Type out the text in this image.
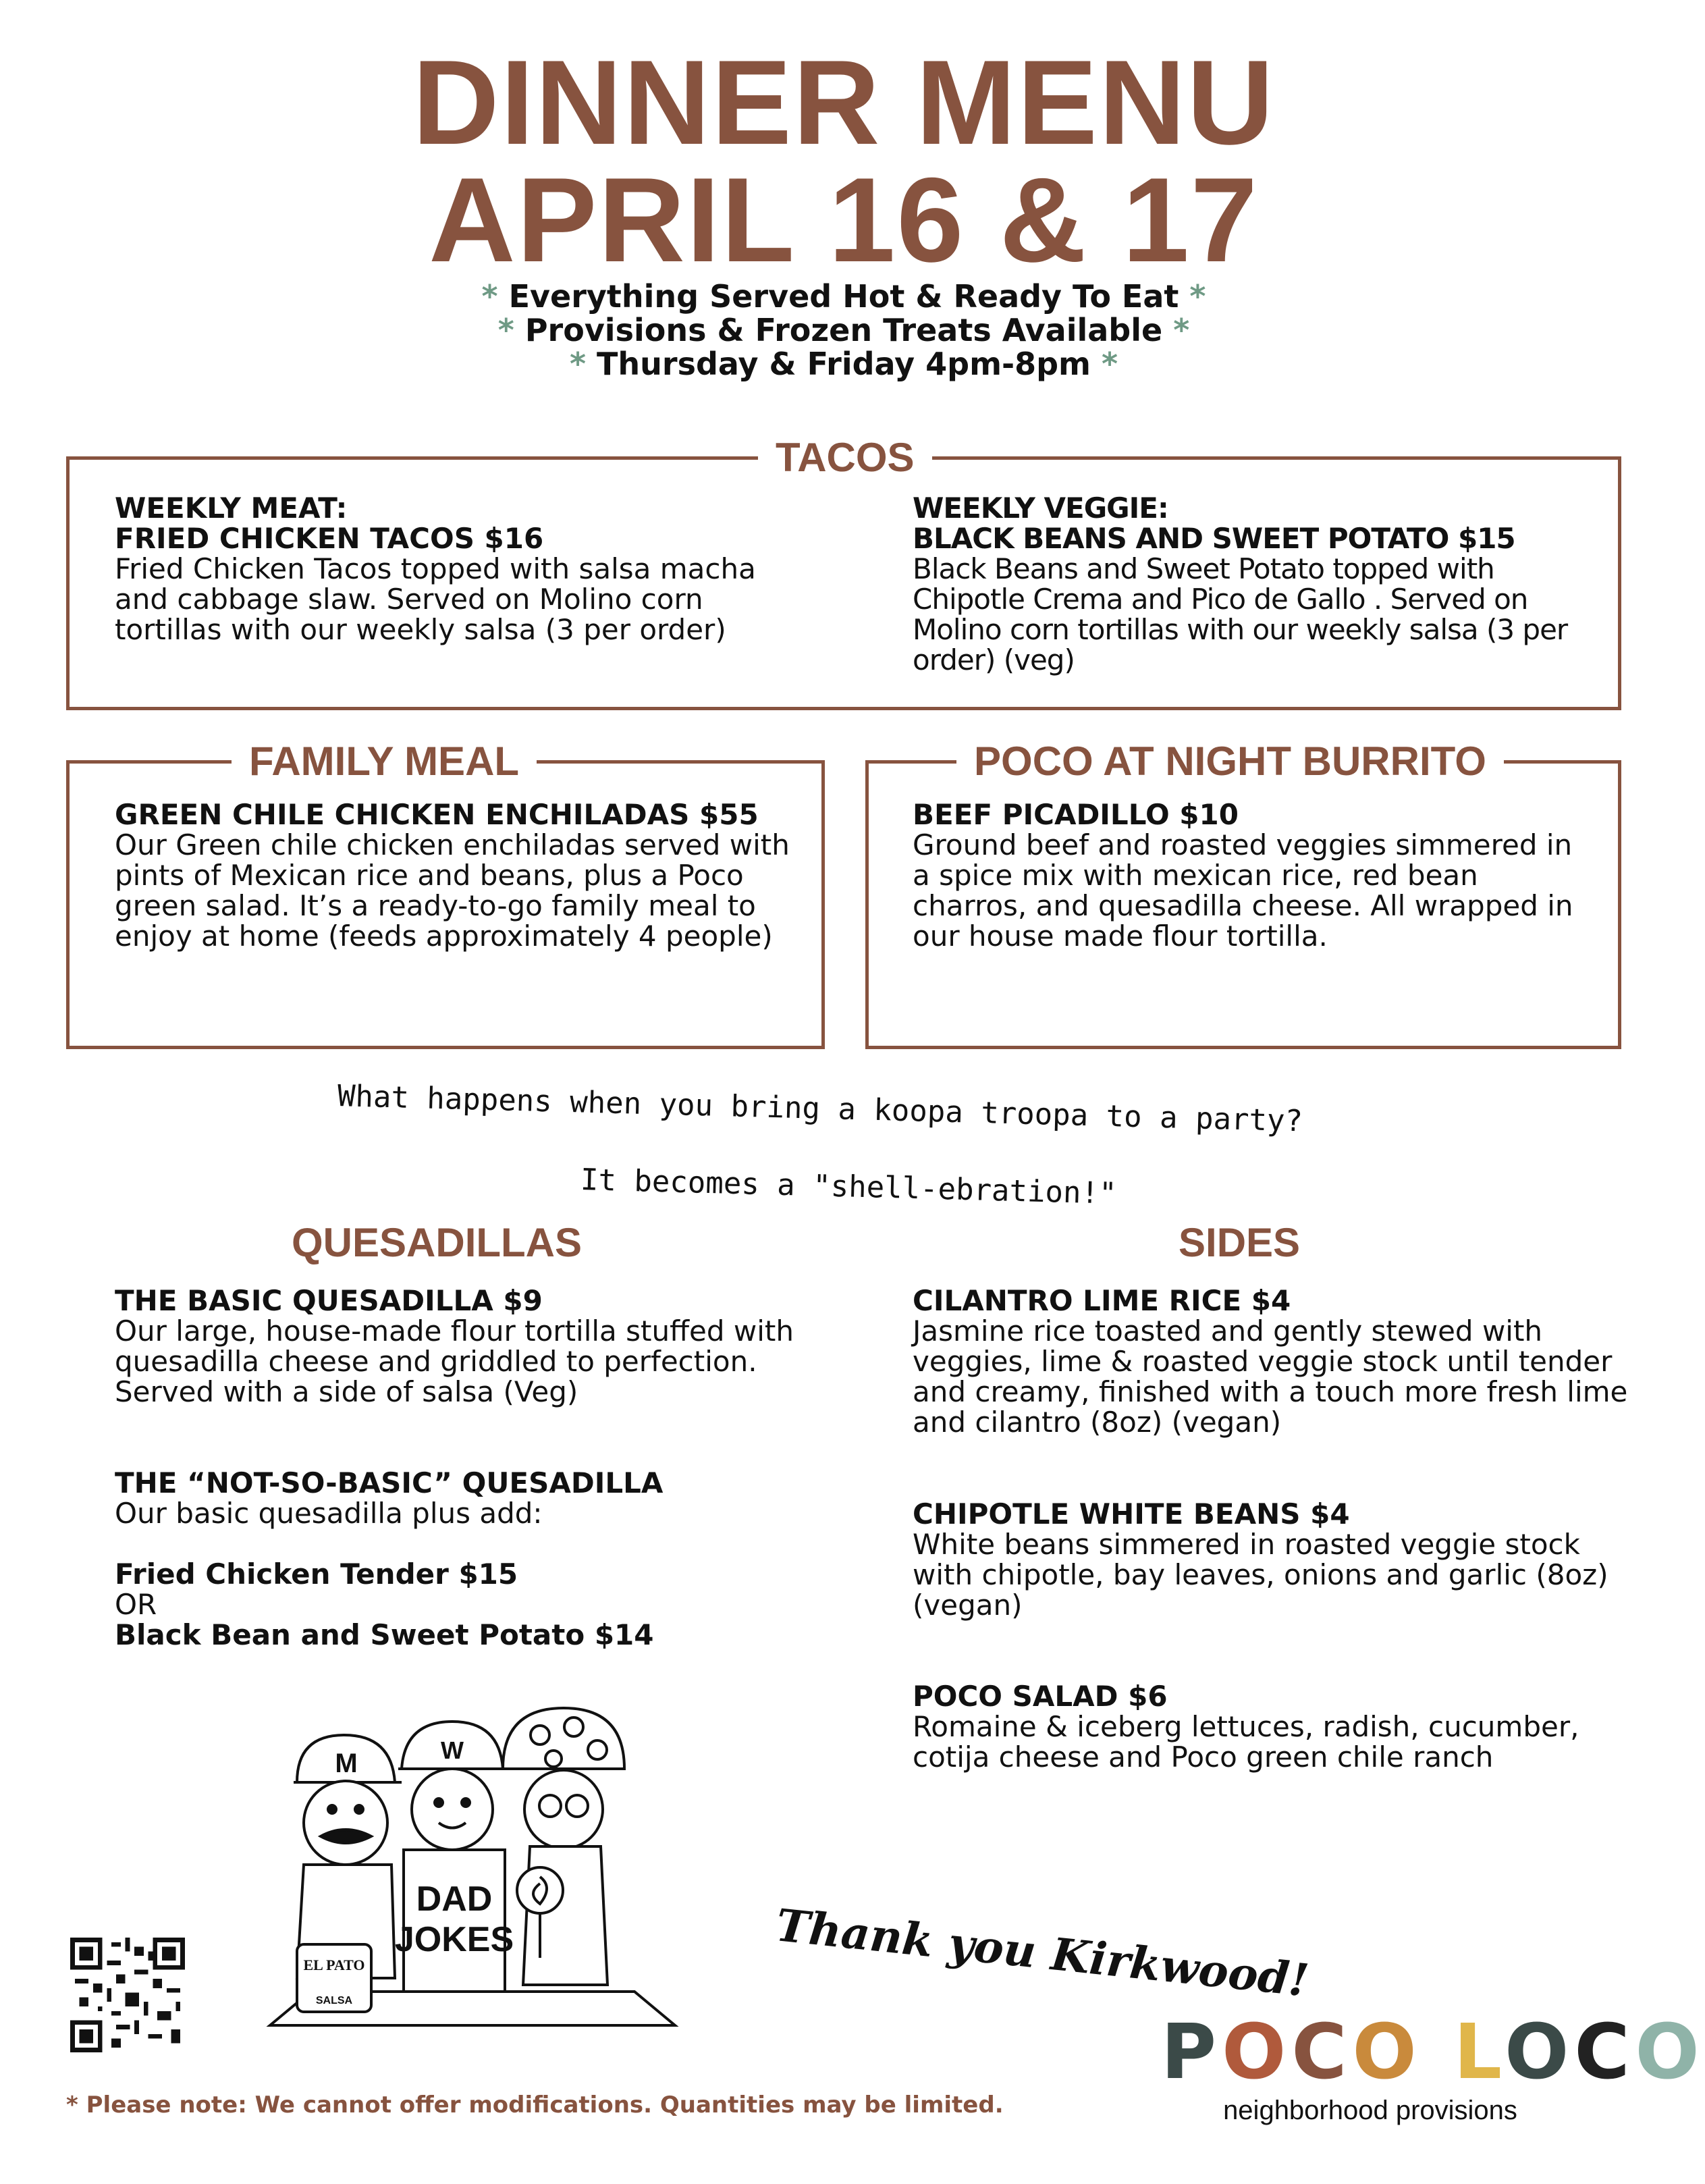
DINNER MENU
APRIL 16 & 17
* Everything Served Hot & Ready To Eat *
* Provisions & Frozen Treats Available *
* Thursday & Friday 4pm-8pm *
TACOS
WEEKLY MEAT:
FRIED CHICKEN TACOS $16
Fried Chicken Tacos topped with salsa macha and cabbage slaw. Served on Molino corn tortillas with our weekly salsa (3 per order)
WEEKLY VEGGIE:
BLACK BEANS AND SWEET POTATO $15
Black Beans and Sweet Potato topped with Chipotle Crema and Pico de Gallo . Served on Molino corn tortillas with our weekly salsa (3 per order) (veg)
FAMILY MEAL
GREEN CHILE CHICKEN ENCHILADAS $55
Our Green chile chicken enchiladas served with pints of Mexican rice and beans, plus a Poco green salad. It’s a ready-to-go family meal to enjoy at home (feeds approximately 4 people)
POCO AT NIGHT BURRITO
BEEF PICADILLO $10
Ground beef and roasted veggies simmered in a spice mix with mexican rice, red bean charros, and quesadilla cheese. All wrapped in our house made flour tortilla.
What happens when you bring a koopa troopa to a party?
It becomes a "shell-ebration!"
QUESADILLAS
THE BASIC QUESADILLA $9
Our large, house-made flour tortilla stuffed with quesadilla cheese and griddled to perfection. Served with a side of salsa (Veg)
THE “NOT-SO-BASIC” QUESADILLA
Our basic quesadilla plus add:
Fried Chicken Tender $15
OR
Black Bean and Sweet Potato $14
SIDES
CILANTRO LIME RICE $4
Jasmine rice toasted and gently stewed with veggies, lime & roasted veggie stock until tender and creamy, finished with a touch more fresh lime and cilantro (8oz) (vegan)
CHIPOTLE WHITE BEANS $4
White beans simmered in roasted veggie stock with chipotle, bay leaves, onions and garlic (8oz) (vegan)
POCO SALAD $6
Romaine & iceberg lettuces, radish, cucumber, cotija cheese and Poco green chile ranch
M	W
DAD
JOKES
EL PATO
SALSA	Thank you Kirkwood!
POCO LOCO
neighborhood provisions
* Please note: We cannot offer modifications. Quantities may be limited.
